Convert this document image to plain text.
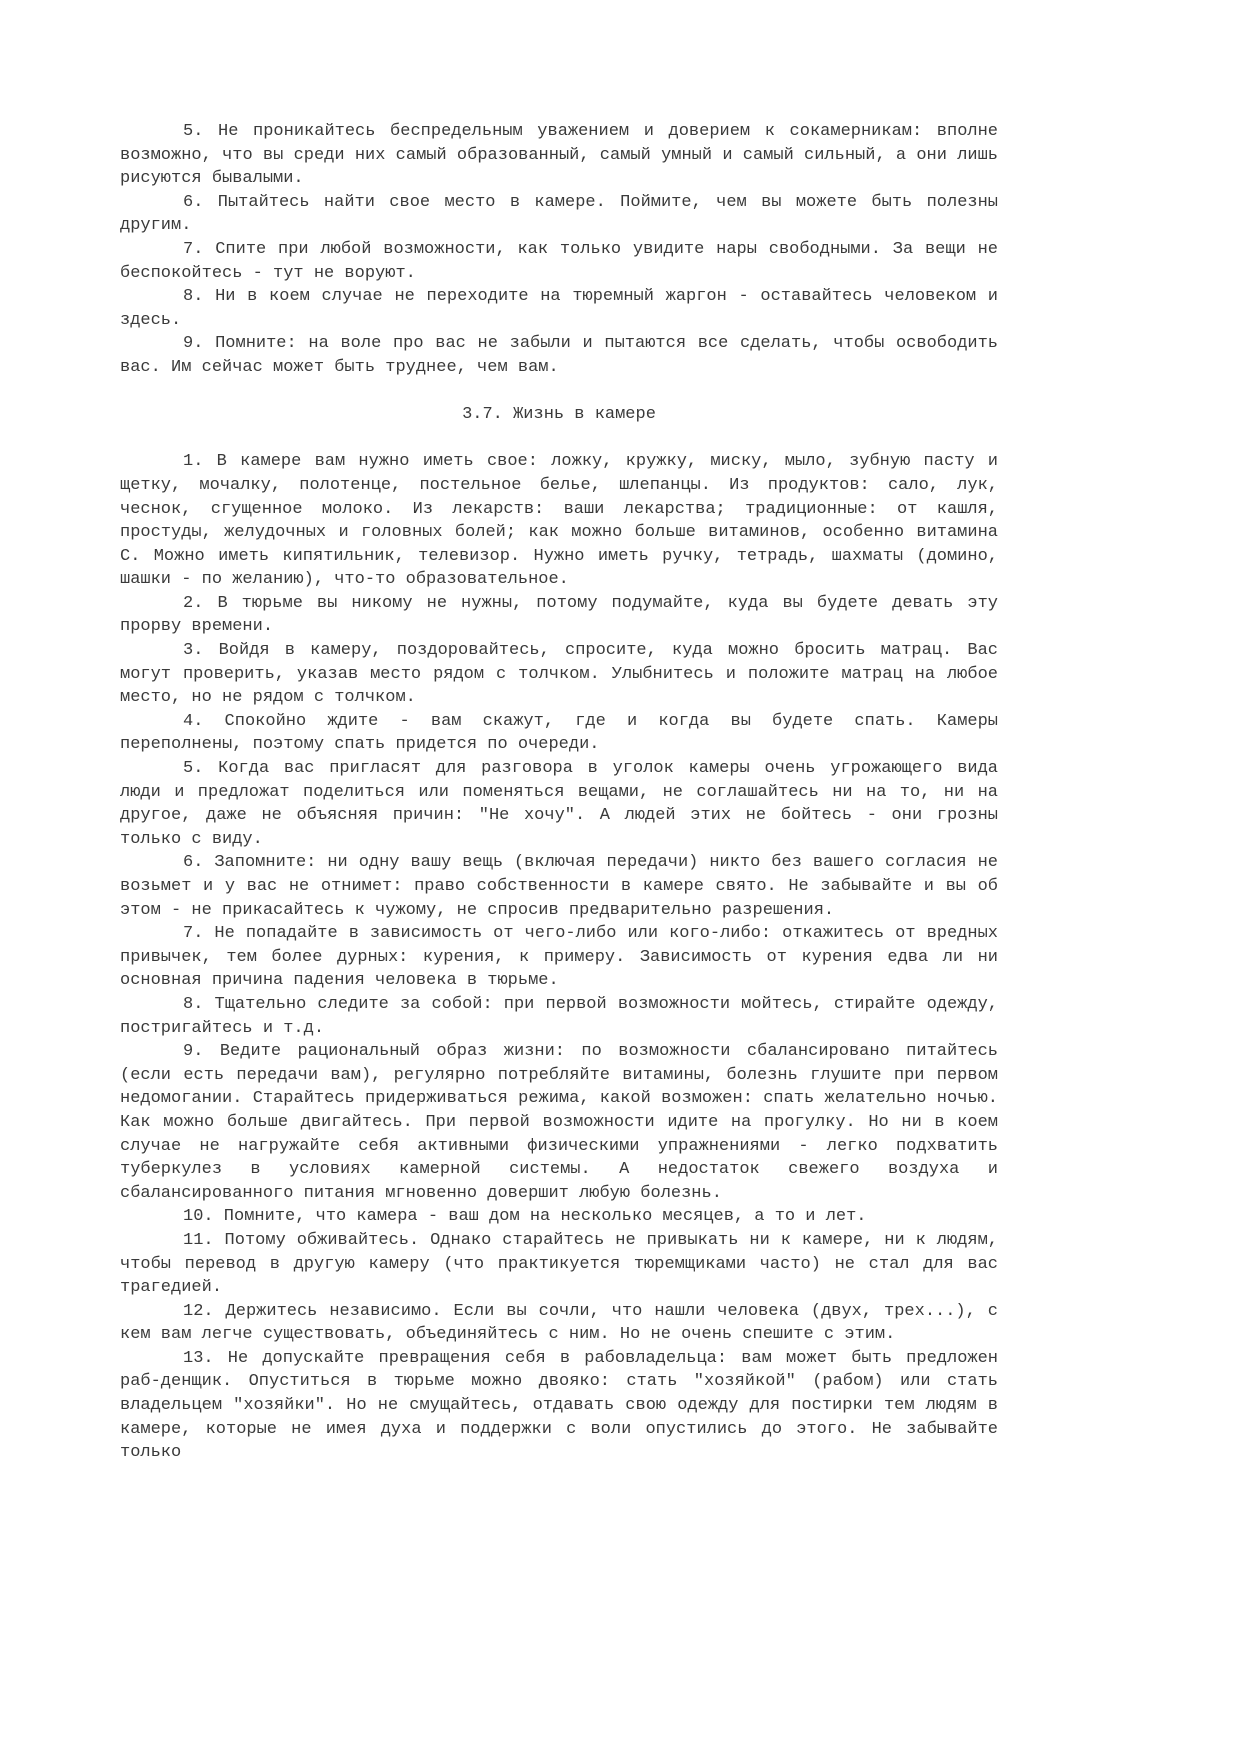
5. Не проникайтесь беспредельным уважением и доверием к сокамерникам: вполне возможно, что вы среди них самый образованный, самый умный и самый сильный, а они лишь рисуются бывалыми.

6. Пытайтесь найти свое место в камере. Поймите, чем вы можете быть полезны другим.

7. Спите при любой возможности, как только увидите нары свободными. За вещи не беспокойтесь - тут не воруют.

8. Ни в коем случае не переходите на тюремный жаргон - оставайтесь человеком и здесь.

9. Помните: на воле про вас не забыли и пытаются все сделать, чтобы освободить вас. Им сейчас может быть труднее, чем вам.

3.7. Жизнь в камере

1. В камере вам нужно иметь свое: ложку, кружку, миску, мыло, зубную пасту и щетку, мочалку, полотенце, постельное белье, шлепанцы. Из продуктов: сало, лук, чеснок, сгущенное молоко. Из лекарств: ваши лекарства; традиционные: от кашля, простуды, желудочных и головных болей; как можно больше витаминов, особенно витамина С. Можно иметь кипятильник, телевизор. Нужно иметь ручку, тетрадь, шахматы (домино, шашки - по желанию), что-то образовательное.

2. В тюрьме вы никому не нужны, потому подумайте, куда вы будете девать эту прорву времени.

3. Войдя в камеру, поздоровайтесь, спросите, куда можно бросить матрац. Вас могут проверить, указав место рядом с толчком. Улыбнитесь и положите матрац на любое место, но не рядом с толчком.

4. Спокойно ждите - вам скажут, где и когда вы будете спать. Камеры переполнены, поэтому спать придется по очереди.

5. Когда вас пригласят для разговора в уголок камеры очень угрожающего вида люди и предложат поделиться или поменяться вещами, не соглашайтесь ни на то, ни на другое, даже не объясняя причин: "Не хочу". А людей этих не бойтесь - они грозны только с виду.

6. Запомните: ни одну вашу вещь (включая передачи) никто без вашего согласия не возьмет и у вас не отнимет: право собственности в камере свято. Не забывайте и вы об этом - не прикасайтесь к чужому, не спросив предварительно разрешения.

7. Не попадайте в зависимость от чего-либо или кого-либо: откажитесь от вредных привычек, тем более дурных: курения, к примеру. Зависимость от курения едва ли ни основная причина падения человека в тюрьме.

8. Тщательно следите за собой: при первой возможности мойтесь, стирайте одежду, постригайтесь и т.д.

9. Ведите рациональный образ жизни: по возможности сбалансировано питайтесь (если есть передачи вам), регулярно потребляйте витамины, болезнь глушите при первом недомогании. Старайтесь придерживаться режима, какой возможен: спать желательно ночью. Как можно больше двигайтесь. При первой возможности идите на прогулку. Но ни в коем случае не нагружайте себя активными физическими упражнениями - легко подхватить туберкулез в условиях камерной системы. А недостаток свежего воздуха и сбалансированного питания мгновенно довершит любую болезнь.

10. Помните, что камера - ваш дом на несколько месяцев, а то и лет.

11. Потому обживайтесь. Однако старайтесь не привыкать ни к камере, ни к людям, чтобы перевод в другую камеру (что практикуется тюремщиками часто) не стал для вас трагедией.

12. Держитесь независимо. Если вы сочли, что нашли человека (двух, трех...), с кем вам легче существовать, объединяйтесь с ним. Но не очень спешите с этим.

13. Не допускайте превращения себя в рабовладельца: вам может быть предложен раб-денщик. Опуститься в тюрьме можно двояко: стать "хозяйкой" (рабом) или стать владельцем "хозяйки". Но не смущайтесь, отдавать свою одежду для постирки тем людям в камере, которые не имея духа и поддержки с воли опустились до этого. Не забывайте только
